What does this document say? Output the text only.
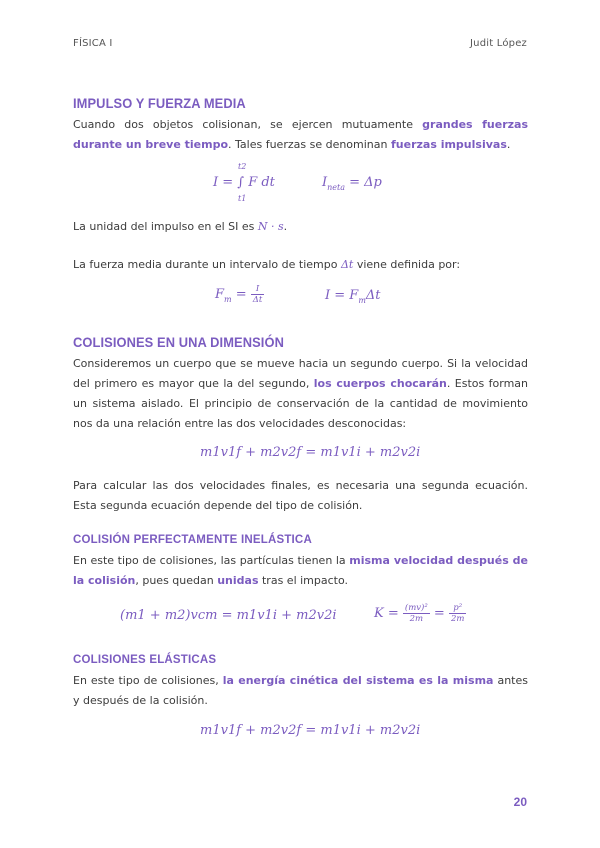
FÍSICA I	Judit López
IMPULSO Y FUERZA MEDIA
Cuando dos objetos colisionan, se ejercen mutuamente grandes fuerzas durante un breve tiempo. Tales fuerzas se denominan fuerzas impulsivas.
t2
I = ∫ F dt
t1
$I_{neta} = \Delta p$
La unidad del impulso en el SI es N · s.
La fuerza media durante un intervalo de tiempo Δt viene definida por:
$F_m = \frac{I}{\Delta t}$	$I = F_m\Delta t$
COLISIONES EN UNA DIMENSIÓN
Consideremos un cuerpo que se mueve hacia un segundo cuerpo. Si la velocidad del primero es mayor que la del segundo, los cuerpos chocarán. Estos forman un sistema aislado. El principio de conservación de la cantidad de movimiento nos da una relación entre las dos velocidades desconocidas:
m1v1f + m2v2f = m1v1i + m2v2i
Para calcular las dos velocidades finales, es necesaria una segunda ecuación. Esta segunda ecuación depende del tipo de colisión.
COLISIÓN PERFECTAMENTE INELÁSTICA
En este tipo de colisiones, las partículas tienen la misma velocidad después de la colisión, pues quedan unidas tras el impacto.
(m1 + m2)vcm = m1v1i + m2v2i	$K = \frac{\text{(mv)²}}{2m} = \frac{\text{p²}}{2m}$
COLISIONES ELÁSTICAS
En este tipo de colisiones, la energía cinética del sistema es la misma antes y después de la colisión.
m1v1f + m2v2f = m1v1i + m2v2i
20
